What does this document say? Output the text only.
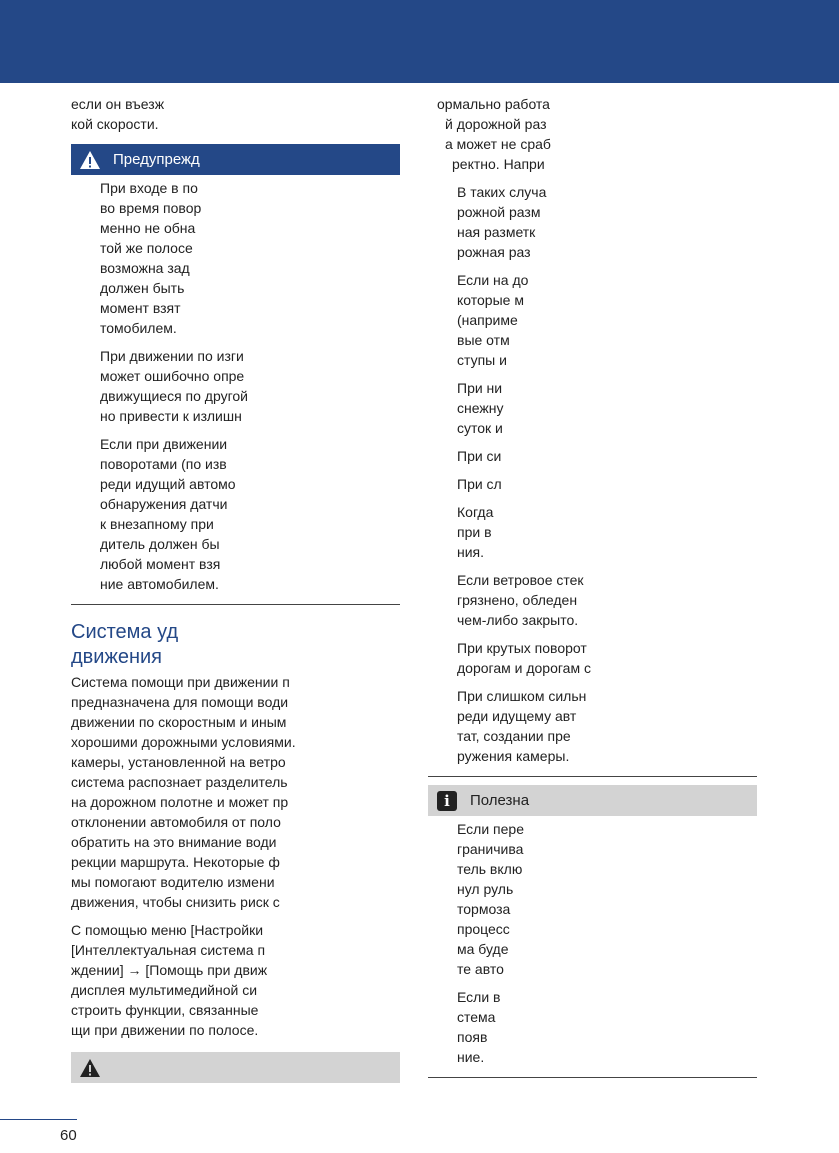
если он въезж

кой скорости.

Предупрежд

При входе в по

во время повор

менно не обна

той же полосе

возможна зад

должен быть

момент взят

томобилем.

При движении по изги

может ошибочно опре

движущиеся по другой

но привести к излишн

Если при движении

поворотами (по изв

реди идущий автомо

обнаружения датчи

к внезапному при

дитель должен бы

любой момент взя

ние автомобилем.

Система уд

движения

Система помощи при движении п

предназначена для помощи води

движении по скоростным и иным

хорошими дорожными условиями.

камеры, установленной на ветро

система распознает разделитель

на дорожном полотне и может пр

отклонении автомобиля от поло

обратить на это внимание води

рекции маршрута. Некоторые ф

мы помогают водителю измени

движения, чтобы снизить риск с

С помощью меню [Настройки

[Интеллектуальная система п

ждении] → [Помощь при движ

дисплея мультимедийной си

строить функции, связанные

щи при движении по полосе.

ормально работа

й дорожной раз

а может не сраб

ректно. Напри

В таких случа

рожной разм

ная разметк

рожная раз

Если на до

которые м

(наприме

вые отм

ступы и

При ни

снежну

суток и

При си

При сл

Когда

при в

ния.

Если ветровое стек

грязнено, обледен

чем-либо закрыто.

При крутых поворот

дорогам и дорогам с

При слишком сильн

реди идущему авт

тат, создании пре

ружения камеры.

i	Полезна

Если пере

граничива

тель вклю

нул руль

тормоза

процесс

ма буде

те авто

Если в

стема

появ

ние.

60
